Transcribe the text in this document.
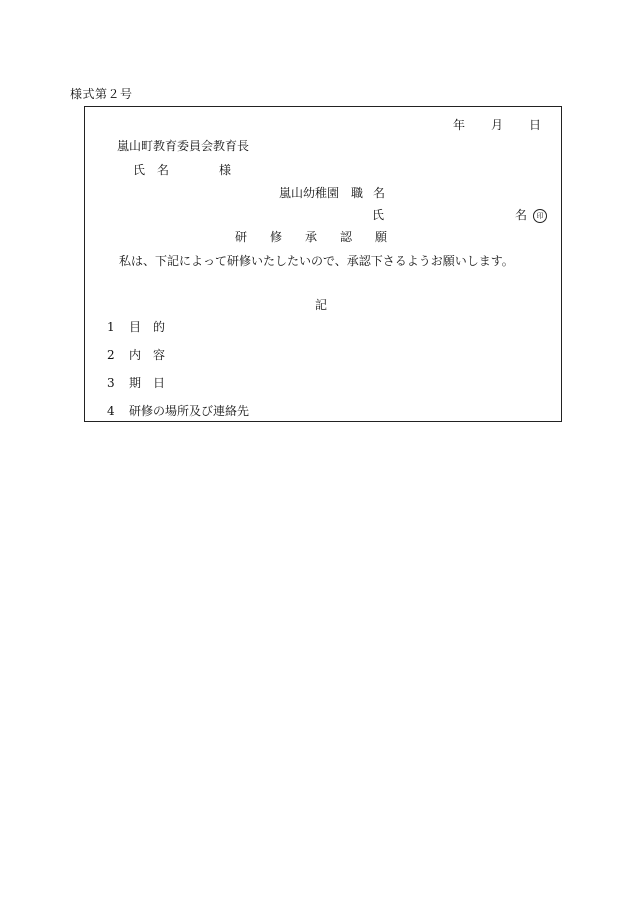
様式第２号
年 月 日
嵐山町教育委員会教育長
氏 名	様
嵐山幼稚園 職 名
氏	名 印
研修承認願
私は、下記によって研修いたしたいので、承認下さるようお願いします。
記
1 目的
2 内容
3 期日
4 研修の場所及び連絡先
